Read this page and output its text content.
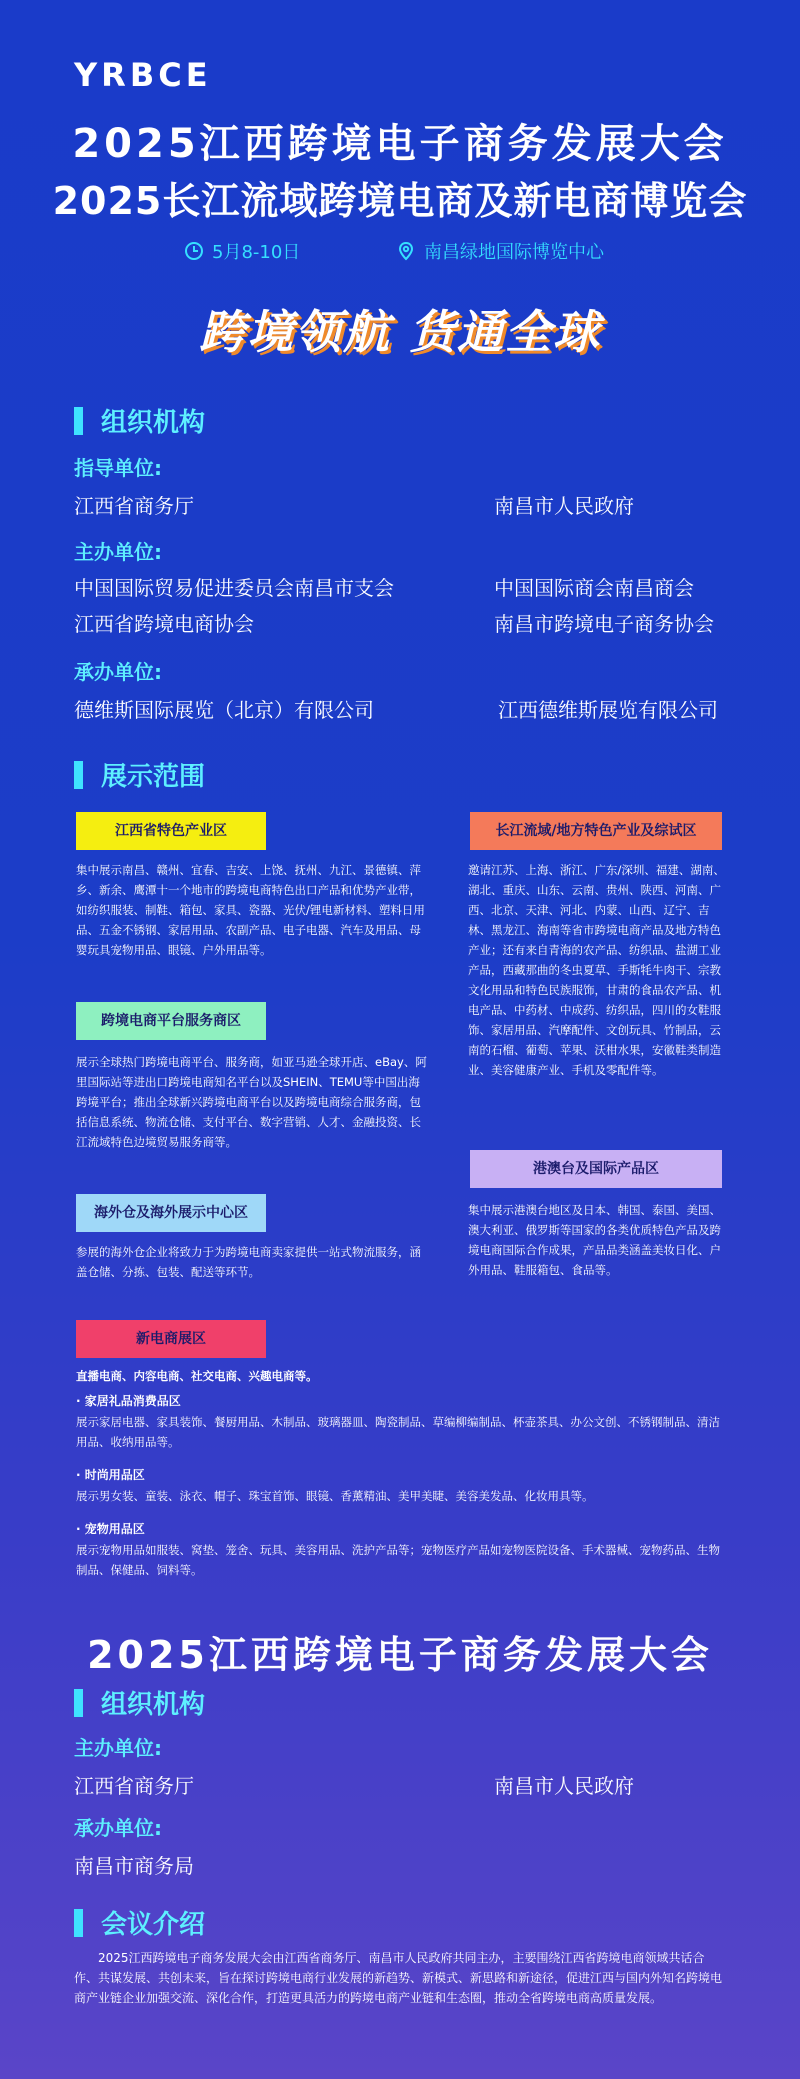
YRBCE
2025江西跨境电子商务发展大会
2025长江流域跨境电商及新电商博览会
5月8-10日	南昌绿地国际博览中心
跨境领航 货通全球
组织机构
指导单位:
江西省商务厅	南昌市人民政府
主办单位:
中国国际贸易促进委员会南昌市支会	中国国际商会南昌商会
江西省跨境电商协会	南昌市跨境电子商务协会
承办单位:
德维斯国际展览（北京）有限公司	江西德维斯展览有限公司
展示范围
江西省特色产业区
集中展示南昌、赣州、宜春、吉安、上饶、抚州、九江、景德镇、萍乡、新余、鹰潭十一个地市的跨境电商特色出口产品和优势产业带，如纺织服装、制鞋、箱包、家具、瓷器、光伏/锂电新材料、塑料日用品、五金不锈钢、家居用品、农副产品、电子电器、汽车及用品、母婴玩具宠物用品、眼镜、户外用品等。
跨境电商平台服务商区
展示全球热门跨境电商平台、服务商，如亚马逊全球开店、eBay、阿里国际站等进出口跨境电商知名平台以及SHEIN、TEMU等中国出海跨境平台；推出全球新兴跨境电商平台以及跨境电商综合服务商，包括信息系统、物流仓储、支付平台、数字营销、人才、金融投资、长江流域特色边境贸易服务商等。
海外仓及海外展示中心区
参展的海外仓企业将致力于为跨境电商卖家提供一站式物流服务，涵盖仓储、分拣、包装、配送等环节。
新电商展区
直播电商、内容电商、社交电商、兴趣电商等。
· 家居礼品消费品区
展示家居电器、家具装饰、餐厨用品、木制品、玻璃器皿、陶瓷制品、草编柳编制品、杯壶茶具、办公文创、不锈钢制品、清洁用品、收纳用品等。
· 时尚用品区
展示男女装、童装、泳衣、帽子、珠宝首饰、眼镜、香薰精油、美甲美睫、美容美发品、化妆用具等。
· 宠物用品区
展示宠物用品如服装、窝垫、笼舍、玩具、美容用品、洗护产品等；宠物医疗产品如宠物医院设备、手术器械、宠物药品、生物制品、保健品、饲料等。
长江流域/地方特色产业及综试区
邀请江苏、上海、浙江、广东/深圳、福建、湖南、湖北、重庆、山东、云南、贵州、陕西、河南、广西、北京、天津、河北、内蒙、山西、辽宁、吉林、黑龙江、海南等省市跨境电商产品及地方特色产业；还有来自青海的农产品、纺织品、盐湖工业产品，西藏那曲的冬虫夏草、手斯牦牛肉干、宗教文化用品和特色民族服饰，甘肃的食品农产品、机电产品、中药材、中成药、纺织品，四川的女鞋服饰、家居用品、汽摩配件、文创玩具、竹制品，云南的石榴、葡萄、苹果、沃柑水果，安徽鞋类制造业、美容健康产业、手机及零配件等。
港澳台及国际产品区
集中展示港澳台地区及日本、韩国、泰国、美国、澳大利亚、俄罗斯等国家的各类优质特色产品及跨境电商国际合作成果，产品品类涵盖美妆日化、户外用品、鞋服箱包、食品等。
2025江西跨境电子商务发展大会
组织机构
主办单位:
江西省商务厅	南昌市人民政府
承办单位:
南昌市商务局
会议介绍
2025江西跨境电子商务发展大会由江西省商务厅、南昌市人民政府共同主办，主要围绕江西省跨境电商领域共话合作、共谋发展、共创未来，旨在探讨跨境电商行业发展的新趋势、新模式、新思路和新途径，促进江西与国内外知名跨境电商产业链企业加强交流、深化合作，打造更具活力的跨境电商产业链和生态圈，推动全省跨境电商高质量发展。
